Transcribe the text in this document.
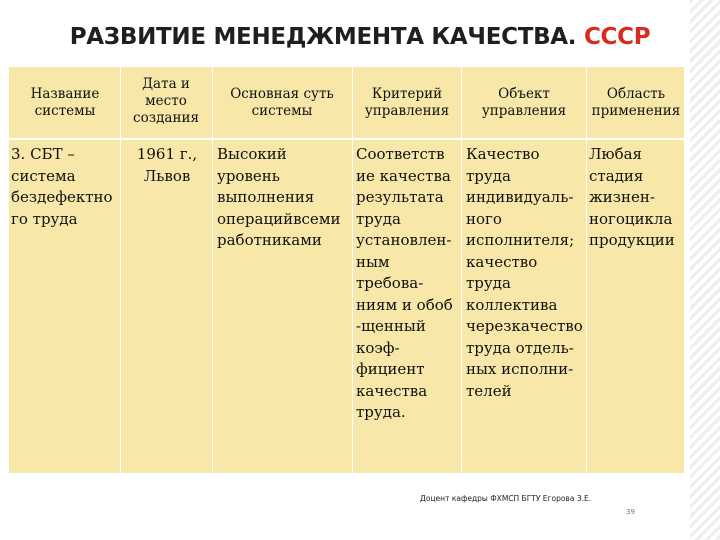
РАЗВИТИЕ МЕНЕДЖМЕНТА КАЧЕСТВА. СССР
Название системы
Дата и место создания
Основная суть системы
Критерий управления
Объект управления
Область применения
3. СБТ – система бездефектно го труда
1961 г., Львов
Высокий уровень выполнения операцийвсеми работниками
Соответств ие качества результата труда установлен-ным требова-ниям и обоб -щенный коэф-фициент качества труда.
Качество труда индивидуаль-ного исполнителя; качество труда коллектива черезкачество труда отдель-ных исполни-телей
Любая стадия жизнен-ногоцикла продукции
Доцент кафедры ФХМСП БГТУ Егорова З.Е.
39
